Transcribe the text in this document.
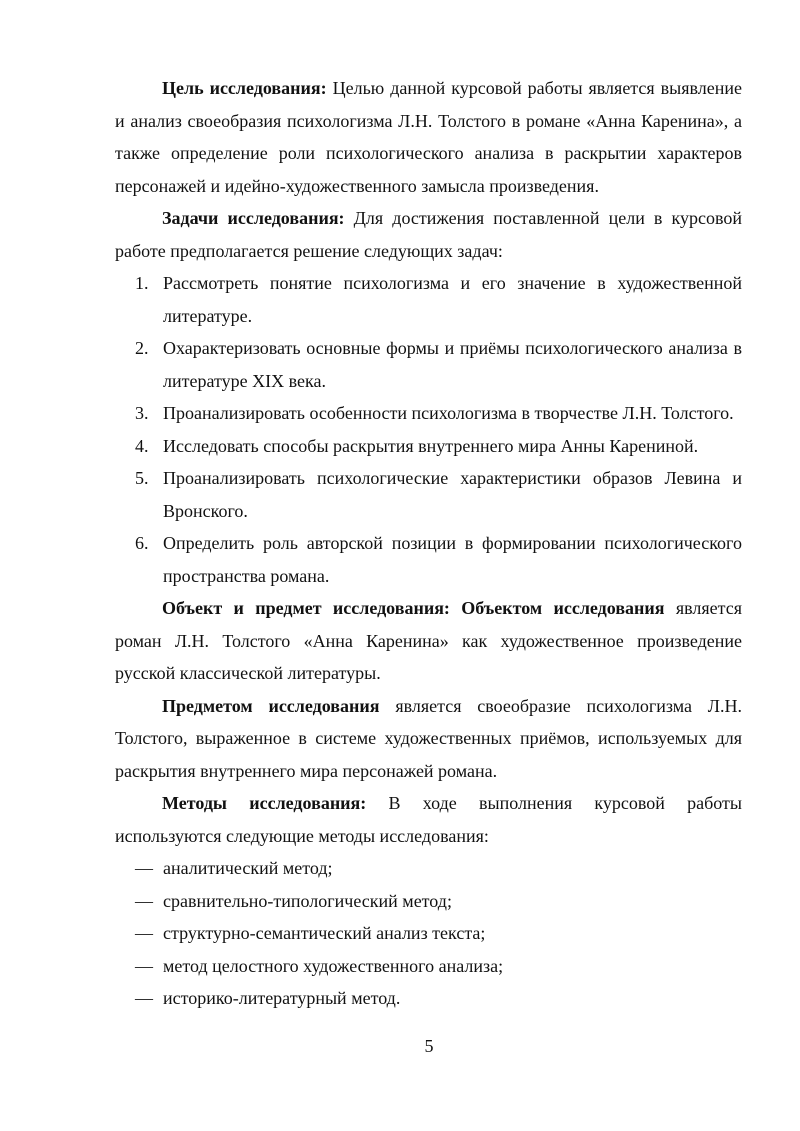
Цель исследования: Целью данной курсовой работы является выявление и анализ своеобразия психологизма Л.Н. Толстого в романе «Анна Каренина», а также определение роли психологического анализа в раскрытии характеров персонажей и идейно-художественного замысла произведения.

Задачи исследования: Для достижения поставленной цели в курсовой работе предполагается решение следующих задач:

1. Рассмотреть понятие психологизма и его значение в художественной литературе.
2. Охарактеризовать основные формы и приёмы психологического анализа в литературе XIX века.
3. Проанализировать особенности психологизма в творчестве Л.Н. Толстого.
4. Исследовать способы раскрытия внутреннего мира Анны Карениной.
5. Проанализировать психологические характеристики образов Левина и Вронского.
6. Определить роль авторской позиции в формировании психологического пространства романа.

Объект и предмет исследования: Объектом исследования является роман Л.Н. Толстого «Анна Каренина» как художественное произведение русской классической литературы.

Предметом исследования является своеобразие психологизма Л.Н. Толстого, выраженное в системе художественных приёмов, используемых для раскрытия внутреннего мира персонажей романа.

Методы исследования: В ходе выполнения курсовой работы используются следующие методы исследования:

— аналитический метод;
— сравнительно-типологический метод;
— структурно-семантический анализ текста;
— метод целостного художественного анализа;
— историко-литературный метод.
5
